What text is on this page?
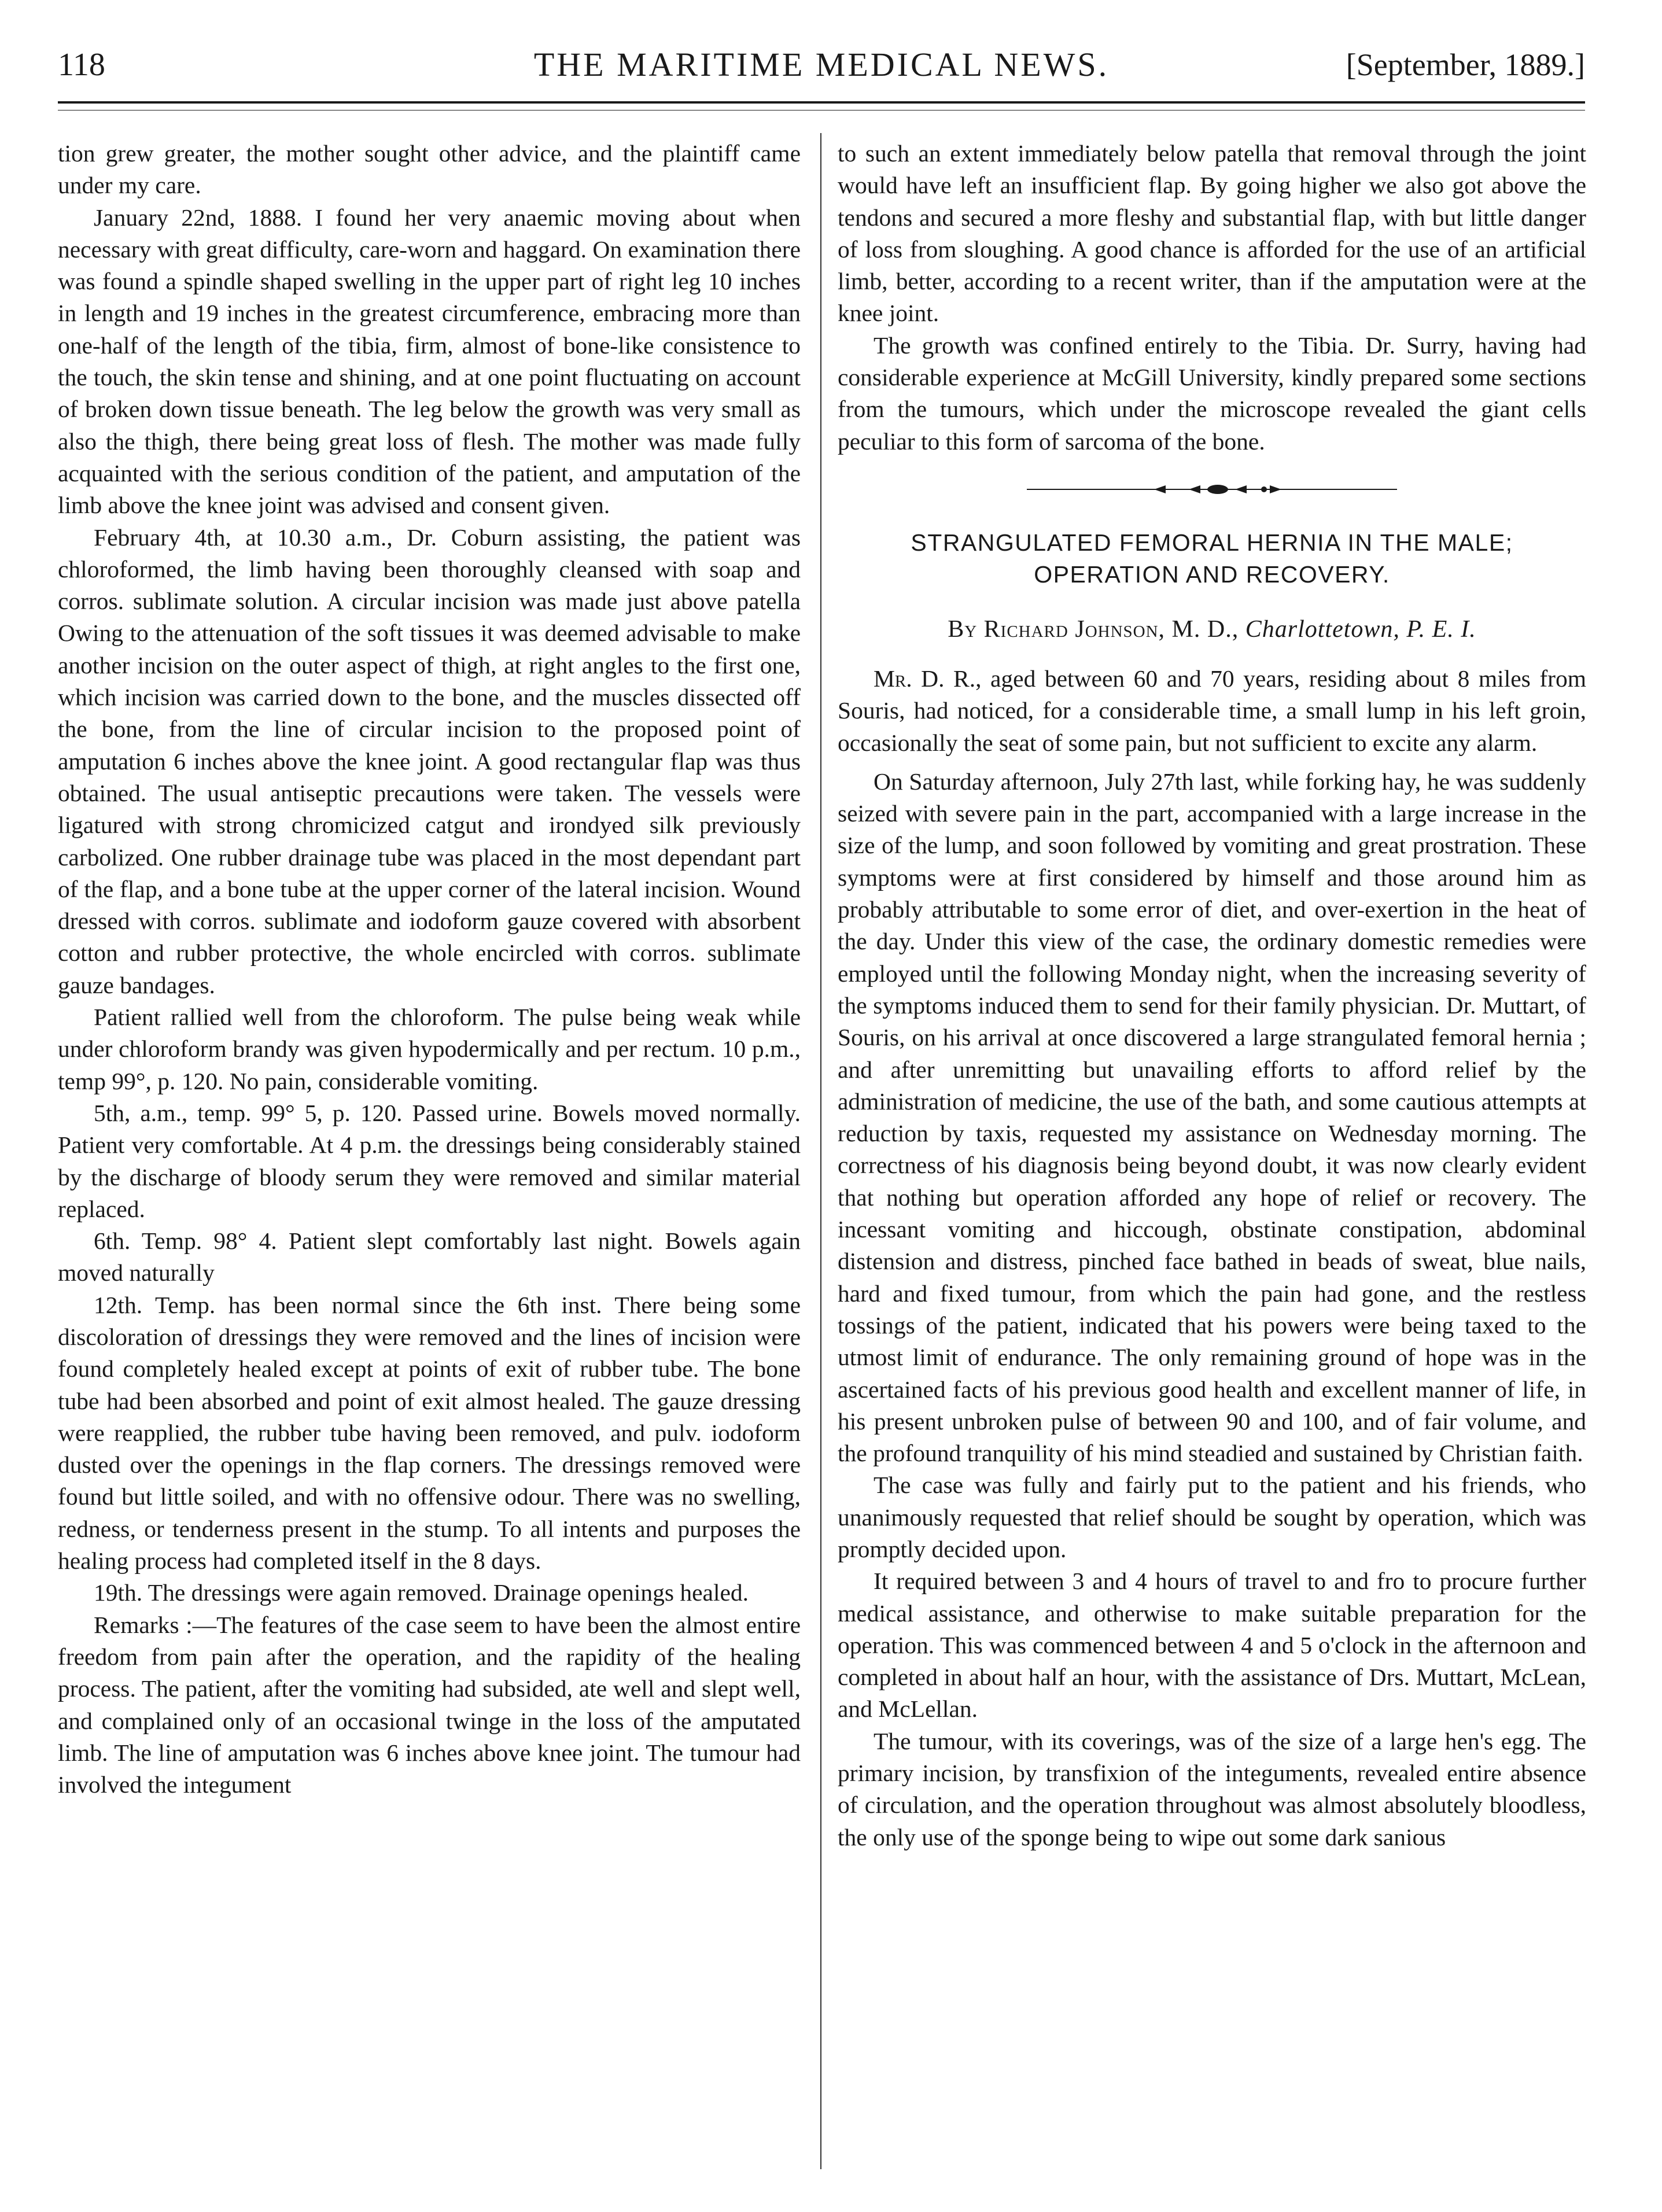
118	THE MARITIME MEDICAL NEWS.	[September, 1889.]

tion grew greater, the mother sought other advice, and the plaintiff came under my care.

January 22nd, 1888. I found her very anaemic moving about when necessary with great difficulty, care-worn and haggard. On examination there was found a spindle shaped swelling in the upper part of right leg 10 inches in length and 19 inches in the greatest circumference, embracing more than one-half of the length of the tibia, firm, almost of bone-like consistence to the touch, the skin tense and shining, and at one point fluctuating on account of broken down tissue beneath. The leg below the growth was very small as also the thigh, there being great loss of flesh. The mother was made fully acquainted with the serious condition of the patient, and amputation of the limb above the knee joint was advised and consent given.

February 4th, at 10.30 a.m., Dr. Coburn assisting, the patient was chloroformed, the limb having been thoroughly cleansed with soap and corros. sublimate solution. A circular incision was made just above patella Owing to the attenuation of the soft tissues it was deemed advisable to make another incision on the outer aspect of thigh, at right angles to the first one, which incision was carried down to the bone, and the muscles dissected off the bone, from the line of circular incision to the proposed point of amputation 6 inches above the knee joint. A good rectangular flap was thus obtained. The usual antiseptic precautions were taken. The vessels were ligatured with strong chromicized catgut and irondyed silk previously carbolized. One rubber drainage tube was placed in the most dependant part of the flap, and a bone tube at the upper corner of the lateral incision. Wound dressed with corros. sublimate and iodoform gauze covered with absorbent cotton and rubber protective, the whole encircled with corros. sublimate gauze bandages.

Patient rallied well from the chloroform. The pulse being weak while under chloroform brandy was given hypodermically and per rectum. 10 p.m., temp 99°, p. 120. No pain, considerable vomiting.

5th, a.m., temp. 99° 5, p. 120. Passed urine. Bowels moved normally. Patient very comfortable. At 4 p.m. the dressings being considerably stained by the discharge of bloody serum they were removed and similar material replaced.

6th. Temp. 98° 4. Patient slept comfortably last night. Bowels again moved naturally

12th. Temp. has been normal since the 6th inst. There being some discoloration of dressings they were removed and the lines of incision were found completely healed except at points of exit of rubber tube. The bone tube had been absorbed and point of exit almost healed. The gauze dressing were reapplied, the rubber tube having been removed, and pulv. iodoform dusted over the openings in the flap corners. The dressings removed were found but little soiled, and with no offensive odour. There was no swelling, redness, or tenderness present in the stump. To all intents and purposes the healing process had completed itself in the 8 days.

19th. The dressings were again removed. Drainage openings healed.

Remarks :—The features of the case seem to have been the almost entire freedom from pain after the operation, and the rapidity of the healing process. The patient, after the vomiting had subsided, ate well and slept well, and complained only of an occasional twinge in the loss of the amputated limb. The line of amputation was 6 inches above knee joint. The tumour had involved the integument

to such an extent immediately below patella that removal through the joint would have left an insufficient flap. By going higher we also got above the tendons and secured a more fleshy and substantial flap, with but little danger of loss from sloughing. A good chance is afforded for the use of an artificial limb, better, according to a recent writer, than if the amputation were at the knee joint.

The growth was confined entirely to the Tibia. Dr. Surry, having had considerable experience at McGill University, kindly prepared some sections from the tumours, which under the microscope revealed the giant cells peculiar to this form of sarcoma of the bone.

STRANGULATED FEMORAL HERNIA IN THE MALE;
OPERATION AND RECOVERY.
By Richard Johnson, M. D., Charlottetown, P. E. I.

Mr. D. R., aged between 60 and 70 years, residing about 8 miles from Souris, had noticed, for a considerable time, a small lump in his left groin, occasionally the seat of some pain, but not sufficient to excite any alarm.

On Saturday afternoon, July 27th last, while forking hay, he was suddenly seized with severe pain in the part, accompanied with a large increase in the size of the lump, and soon followed by vomiting and great prostration. These symptoms were at first considered by himself and those around him as probably attributable to some error of diet, and over-exertion in the heat of the day. Under this view of the case, the ordinary domestic remedies were employed until the following Monday night, when the increasing severity of the symptoms induced them to send for their family physician. Dr. Muttart, of Souris, on his arrival at once discovered a large strangulated femoral hernia ; and after unremitting but unavailing efforts to afford relief by the administration of medicine, the use of the bath, and some cautious attempts at reduction by taxis, requested my assistance on Wednesday morning. The correctness of his diagnosis being beyond doubt, it was now clearly evident that nothing but operation afforded any hope of relief or recovery. The incessant vomiting and hiccough, obstinate constipation, abdominal distension and distress, pinched face bathed in beads of sweat, blue nails, hard and fixed tumour, from which the pain had gone, and the restless tossings of the patient, indicated that his powers were being taxed to the utmost limit of endurance. The only remaining ground of hope was in the ascertained facts of his previous good health and excellent manner of life, in his present unbroken pulse of between 90 and 100, and of fair volume, and the profound tranquility of his mind steadied and sustained by Christian faith.

The case was fully and fairly put to the patient and his friends, who unanimously requested that relief should be sought by operation, which was promptly decided upon.

It required between 3 and 4 hours of travel to and fro to procure further medical assistance, and otherwise to make suitable preparation for the operation. This was commenced between 4 and 5 o'clock in the afternoon and completed in about half an hour, with the assistance of Drs. Muttart, McLean, and McLellan.

The tumour, with its coverings, was of the size of a large hen's egg. The primary incision, by transfixion of the integuments, revealed entire absence of circulation, and the operation throughout was almost absolutely bloodless, the only use of the sponge being to wipe out some dark sanious
